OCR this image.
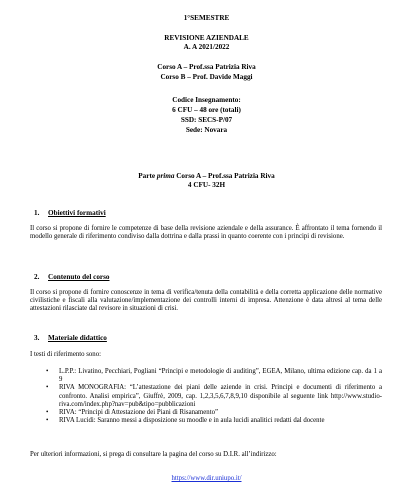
1°SEMESTRE
REVISIONE AZIENDALE
A. A 2021/2022
Corso A – Prof.ssa Patrizia Riva
Corso B – Prof. Davide Maggi
Codice Insegnamento:
6 CFU – 48 ore (totali)
SSD: SECS-P/07
Sede: Novara
Parte prima Corso A – Prof.ssa Patrizia Riva
4 CFU- 32H
1. Obiettivi formativi
Il corso si propone di fornire le competenze di base della revisione aziendale e della assurance. È affrontato il tema fornendo il modello generale di riferimento condiviso dalla dottrina e dalla prassi in quanto coerente con i principi di revisione.
2. Contenuto del corso
Il corso si propone di fornire conoscenze in tema di verifica/tenuta della contabilità e della corretta applicazione delle normative civilistiche e fiscali alla valutazione/implementazione dei controlli interni di impresa. Attenzione è data altresì al tema delle attestazioni rilasciate dal revisore in situazioni di crisi.
3. Materiale didattico
I testi di riferimento sono:
• L.P.P.: Livatino, Pecchiari, Pogliani “Principi e metodologie di auditing”, EGEA, Milano, ultima edizione cap. da 1 a 9
• RIVA MONOGRAFIA: “L’attestazione dei piani delle aziende in crisi. Principi e documenti di riferimento a confronto. Analisi empirica”, Giuffrè, 2009, cap. 1,2,3,5,6,7,8,9,10 disponibile al seguente link http://www.studio-riva.com/index.php?nav=pub&tipo=pubblicazioni
• RIVA: “Principi di Attestazione dei Piani di Risanamento”
• RIVA Lucidi: Saranno messi a disposizione su moodle e in aula lucidi analitici redatti dal docente
Per ulteriori informazioni, si prega di consultare la pagina del corso su D.I.R. all’indirizzo:
https://www.dir.uniupo.it/
